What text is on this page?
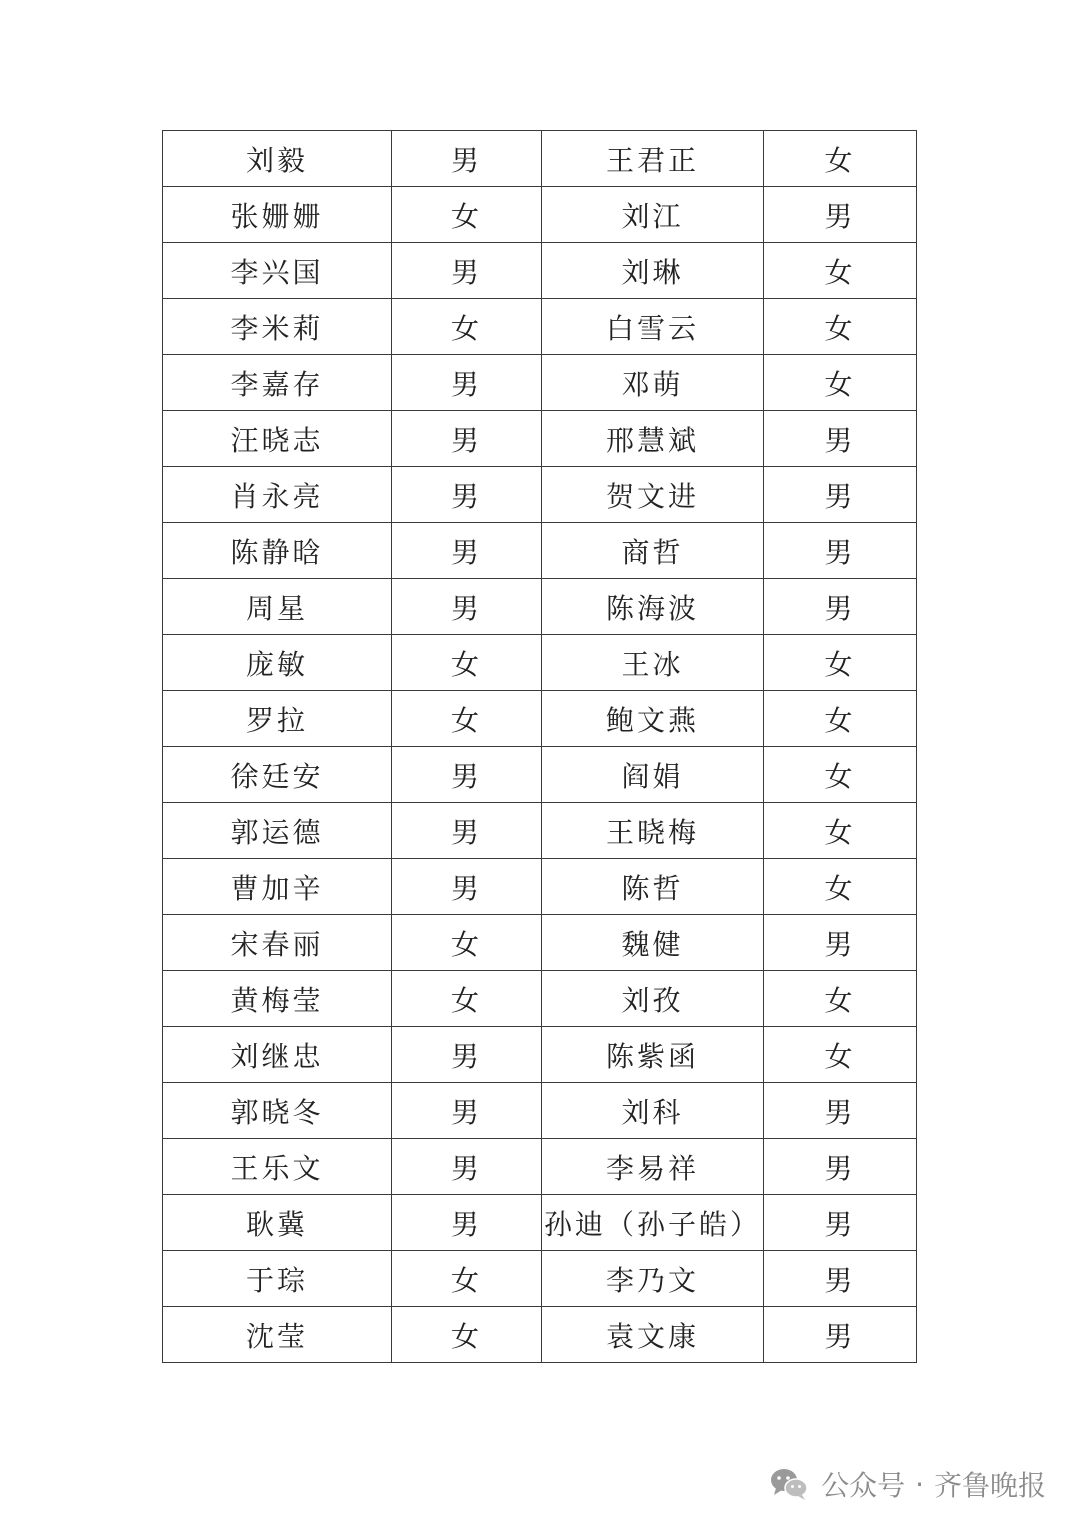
刘毅	男	王君正	女
张姗姗	女	刘江	男
李兴国	男	刘琳	女
李米莉	女	白雪云	女
李嘉存	男	邓萌	女
汪晓志	男	邢慧斌	男
肖永亮	男	贺文进	男
陈静晗	男	商哲	男
周星	男	陈海波	男
庞敏	女	王冰	女
罗拉	女	鲍文燕	女
徐廷安	男	阎娟	女
郭运德	男	王晓梅	女
曹加辛	男	陈哲	女
宋春丽	女	魏健	男
黄梅莹	女	刘孜	女
刘继忠	男	陈紫函	女
郭晓冬	男	刘科	男
王乐文	男	李易祥	男
耿冀	男	孙迪（孙子皓）	男
于琮	女	李乃文	男
沈莹	女	袁文康	男
公众号 · 齐鲁晚报
